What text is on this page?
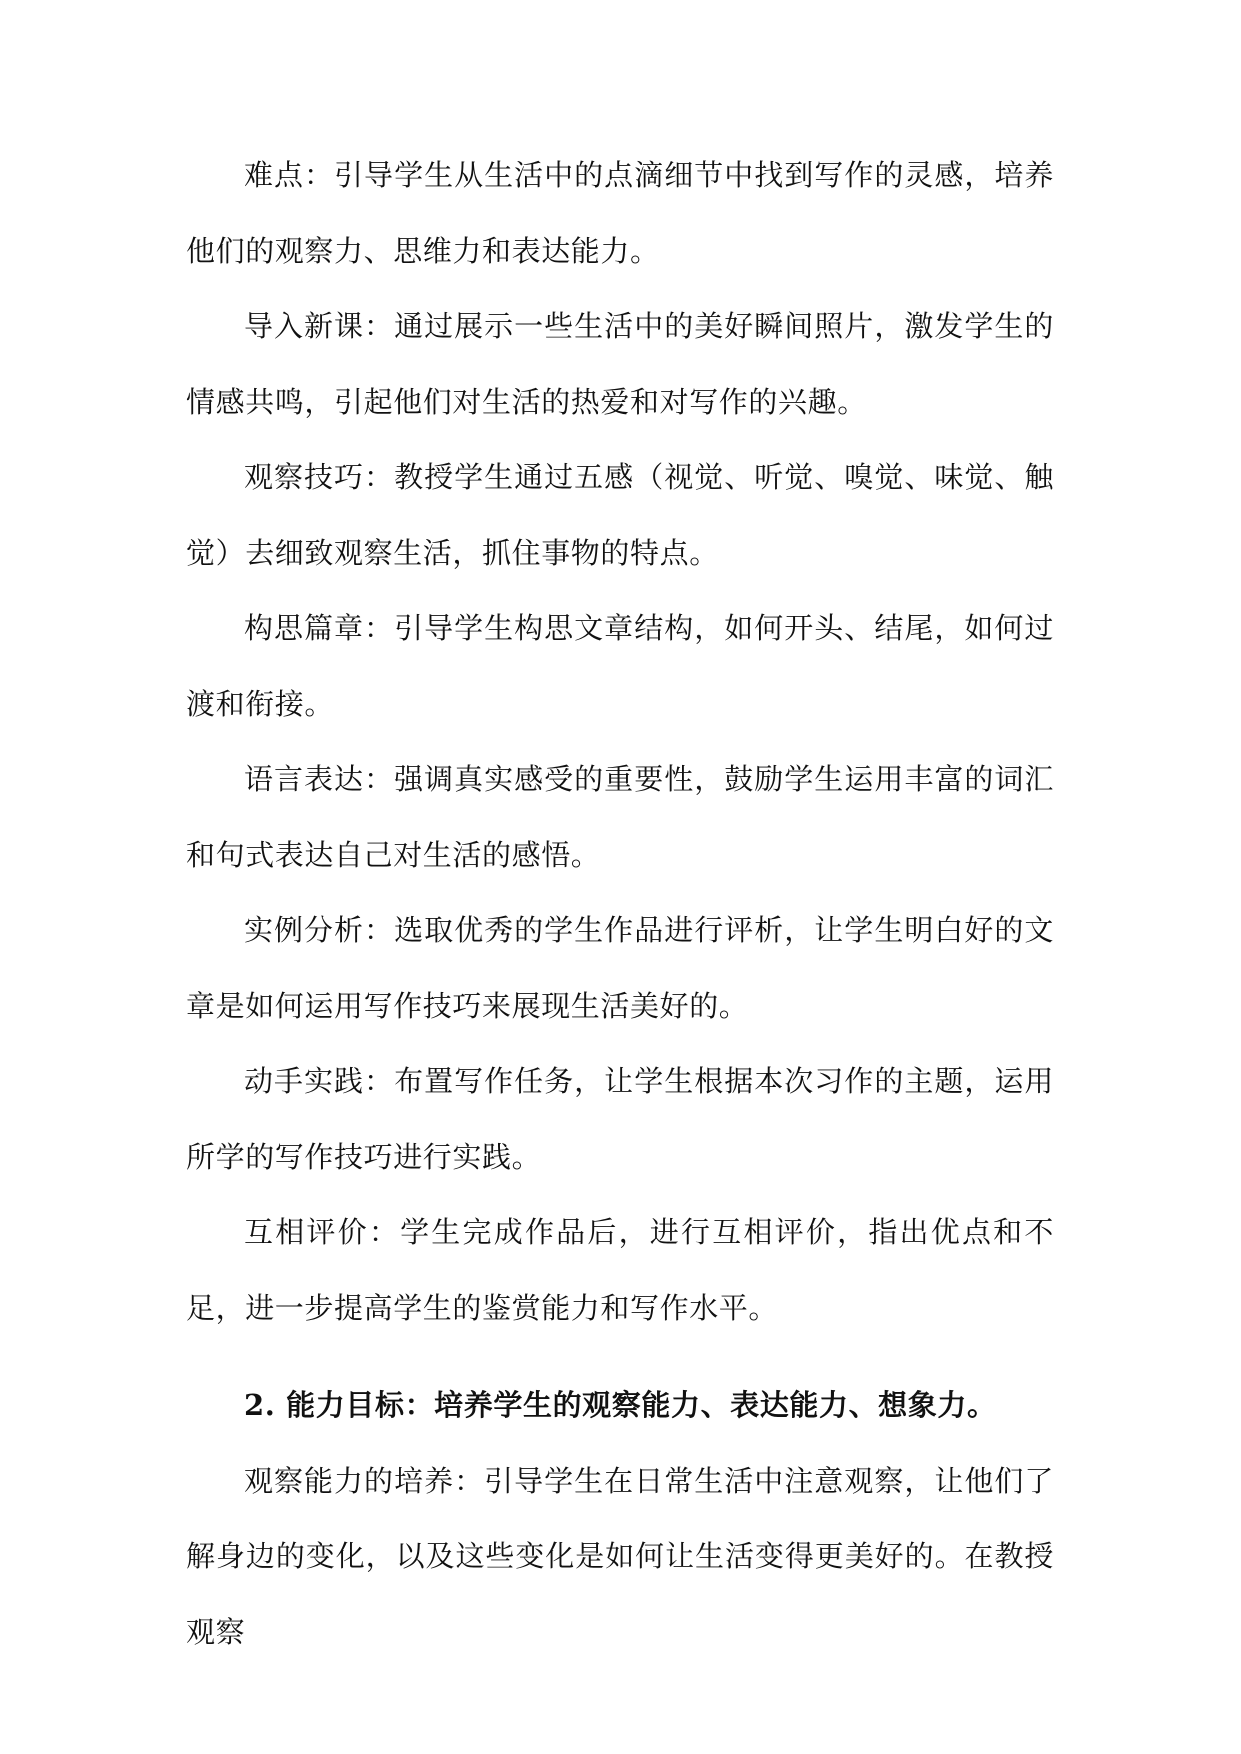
难点：引导学生从生活中的点滴细节中找到写作的灵感，培养他们的观察力、思维力和表达能力。

导入新课：通过展示一些生活中的美好瞬间照片，激发学生的情感共鸣，引起他们对生活的热爱和对写作的兴趣。

观察技巧：教授学生通过五感（视觉、听觉、嗅觉、味觉、触觉）去细致观察生活，抓住事物的特点。

构思篇章：引导学生构思文章结构，如何开头、结尾，如何过渡和衔接。

语言表达：强调真实感受的重要性，鼓励学生运用丰富的词汇和句式表达自己对生活的感悟。

实例分析：选取优秀的学生作品进行评析，让学生明白好的文章是如何运用写作技巧来展现生活美好的。

动手实践：布置写作任务，让学生根据本次习作的主题，运用所学的写作技巧进行实践。

互相评价：学生完成作品后，进行互相评价，指出优点和不足，进一步提高学生的鉴赏能力和写作水平。

2. 能力目标：培养学生的观察能力、表达能力、想象力。

观察能力的培养：引导学生在日常生活中注意观察，让他们了解身边的变化，以及这些变化是如何让生活变得更美好的。在教授观察
